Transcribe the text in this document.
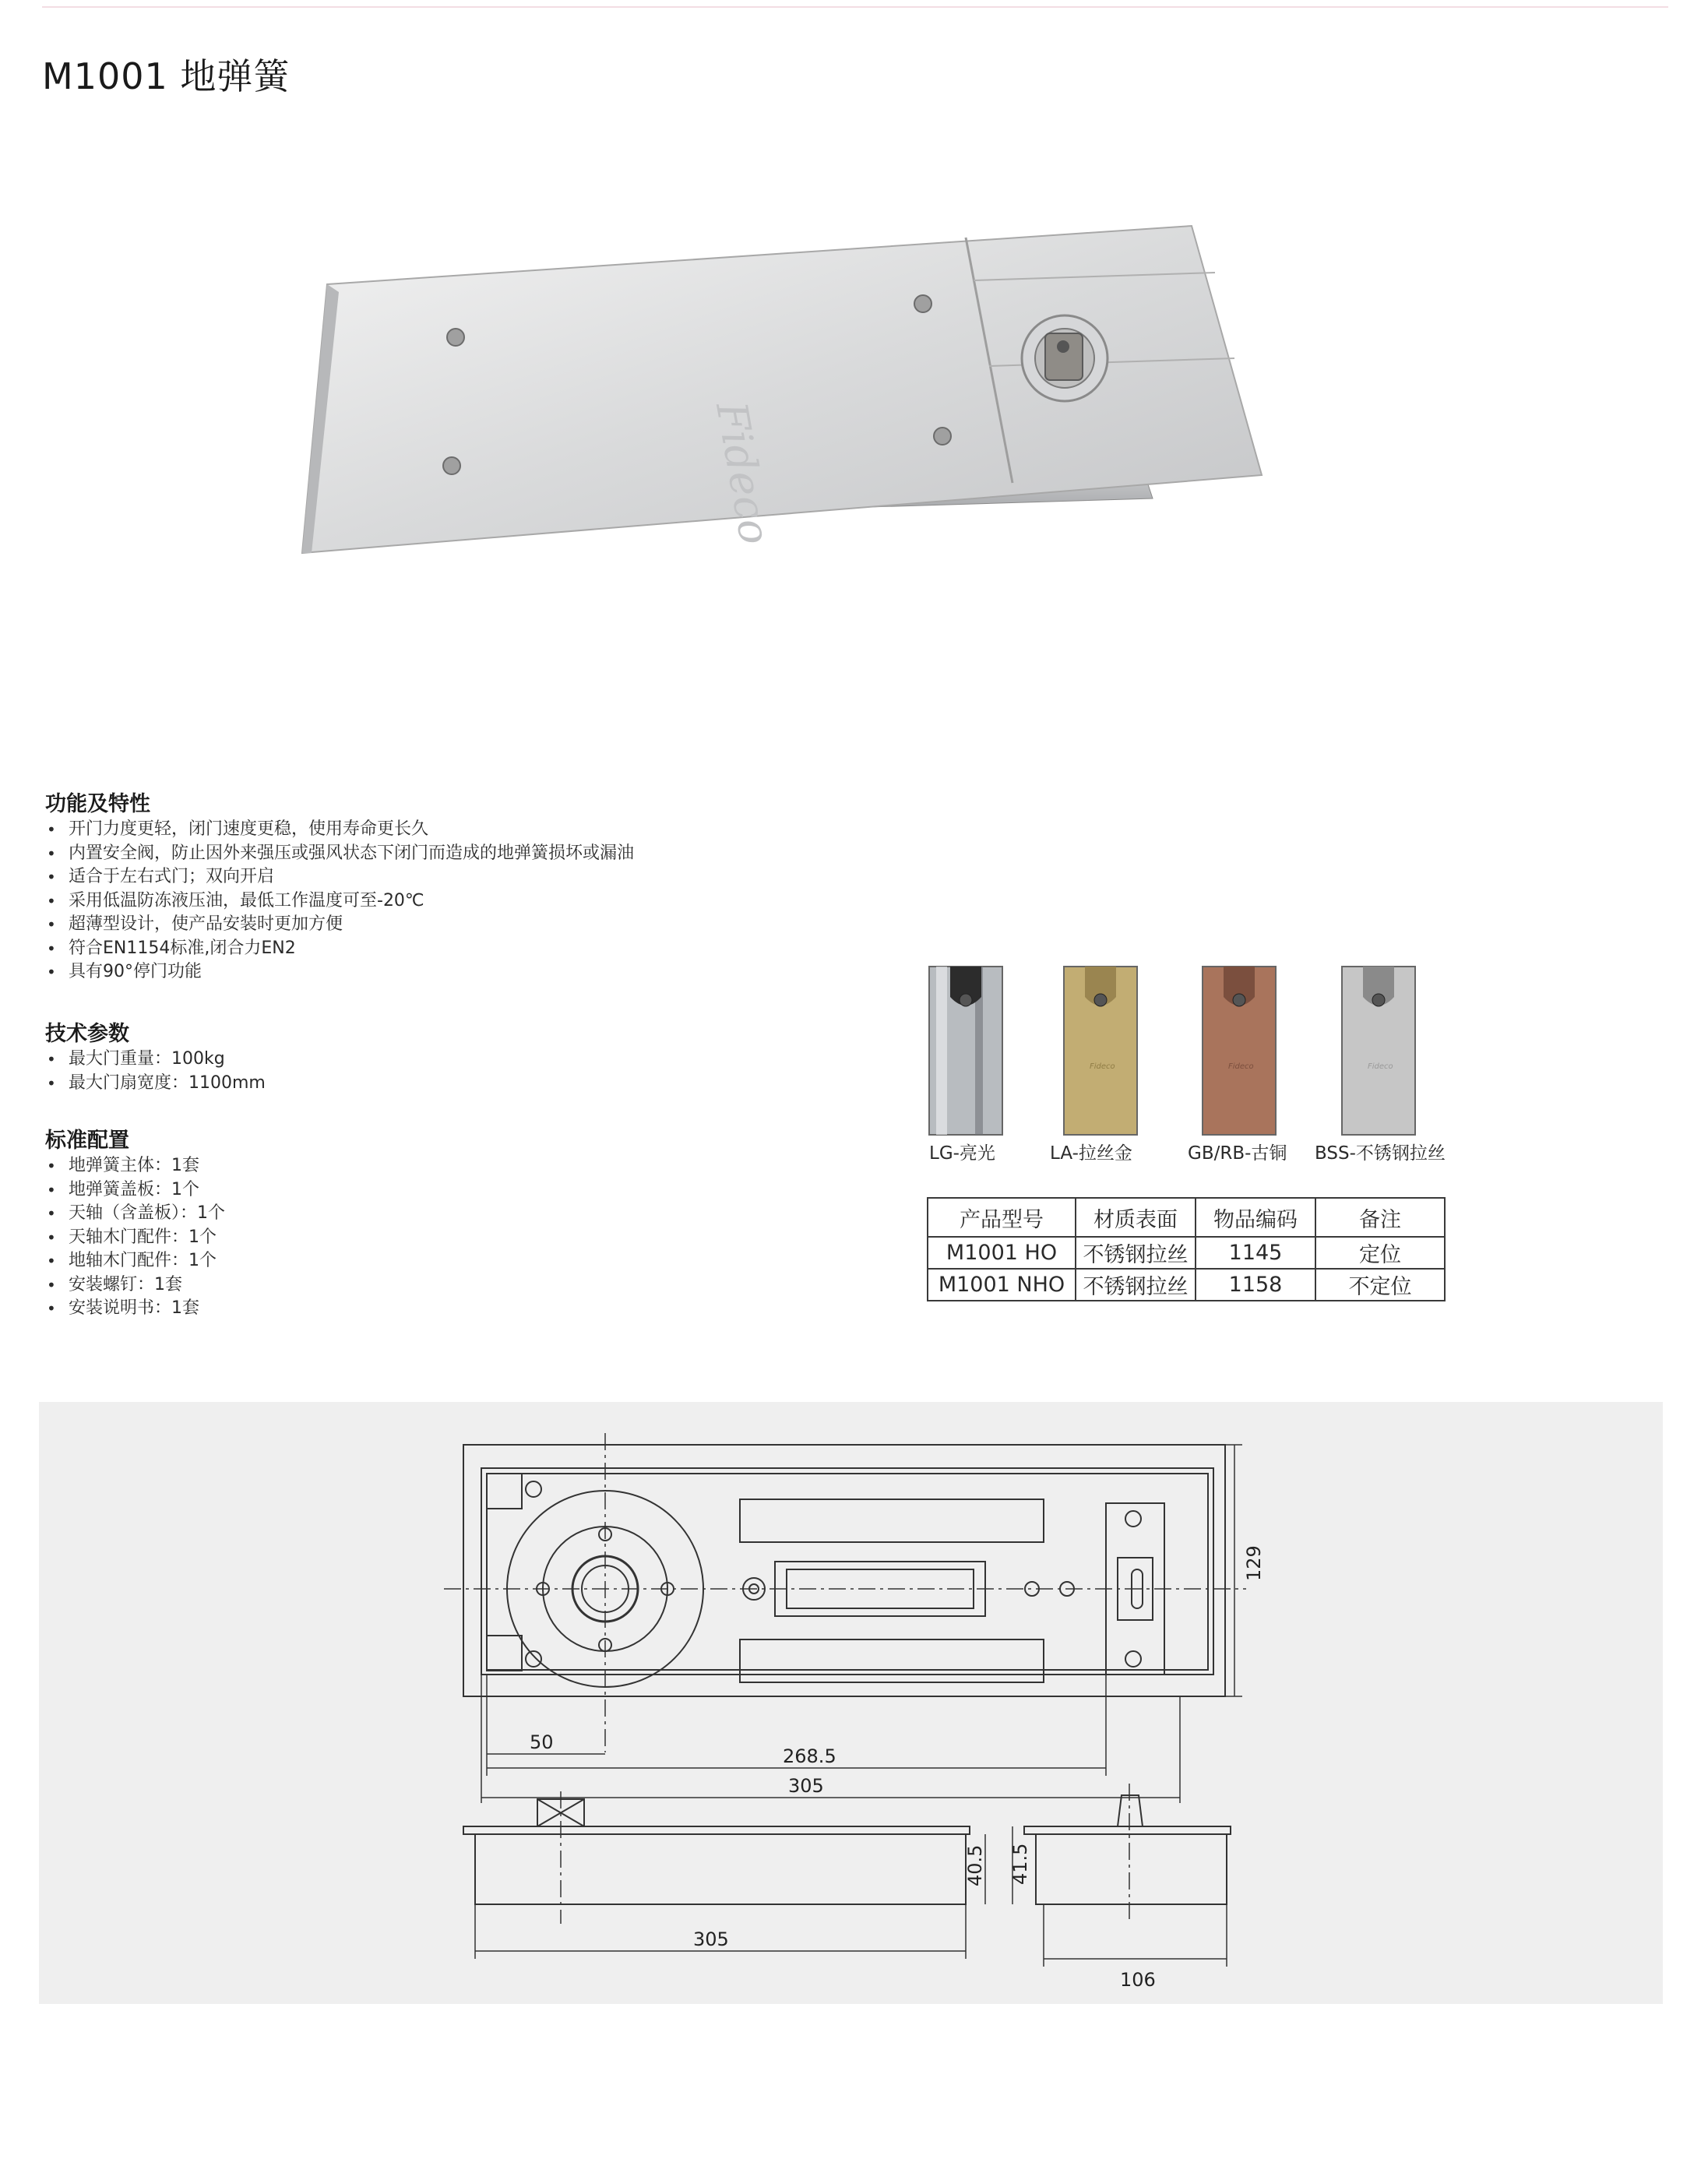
M1001 地弹簧
Fideco
功能及特性
• 开门力度更轻，闭门速度更稳，使用寿命更长久
• 内置安全阀，防止因外来强压或强风状态下闭门而造成的地弹簧损坏或漏油
• 适合于左右式门；双向开启
• 采用低温防冻液压油，最低工作温度可至-20℃
• 超薄型设计，使产品安装时更加方便
• 符合EN1154标准,闭合力EN2
• 具有90°停门功能
技术参数
• 最大门重量：100kg
• 最大门扇宽度：1100mm
标准配置
• 地弹簧主体：1套
• 地弹簧盖板：1个
• 天轴（含盖板）：1个
• 天轴木门配件：1个
• 地轴木门配件：1个
• 安装螺钉：1套
• 安装说明书：1套
Fideco	Fideco	Fideco
LG-亮光	LA-拉丝金	GB/RB-古铜 BSS-不锈钢拉丝
产品型号	材质表面	物品编码	备注
M1001 HO	不锈钢拉丝	1145	定位
M1001 NHO	不锈钢拉丝	1158	不定位
50
268.5
305
129
305
40.5 41.5
106
